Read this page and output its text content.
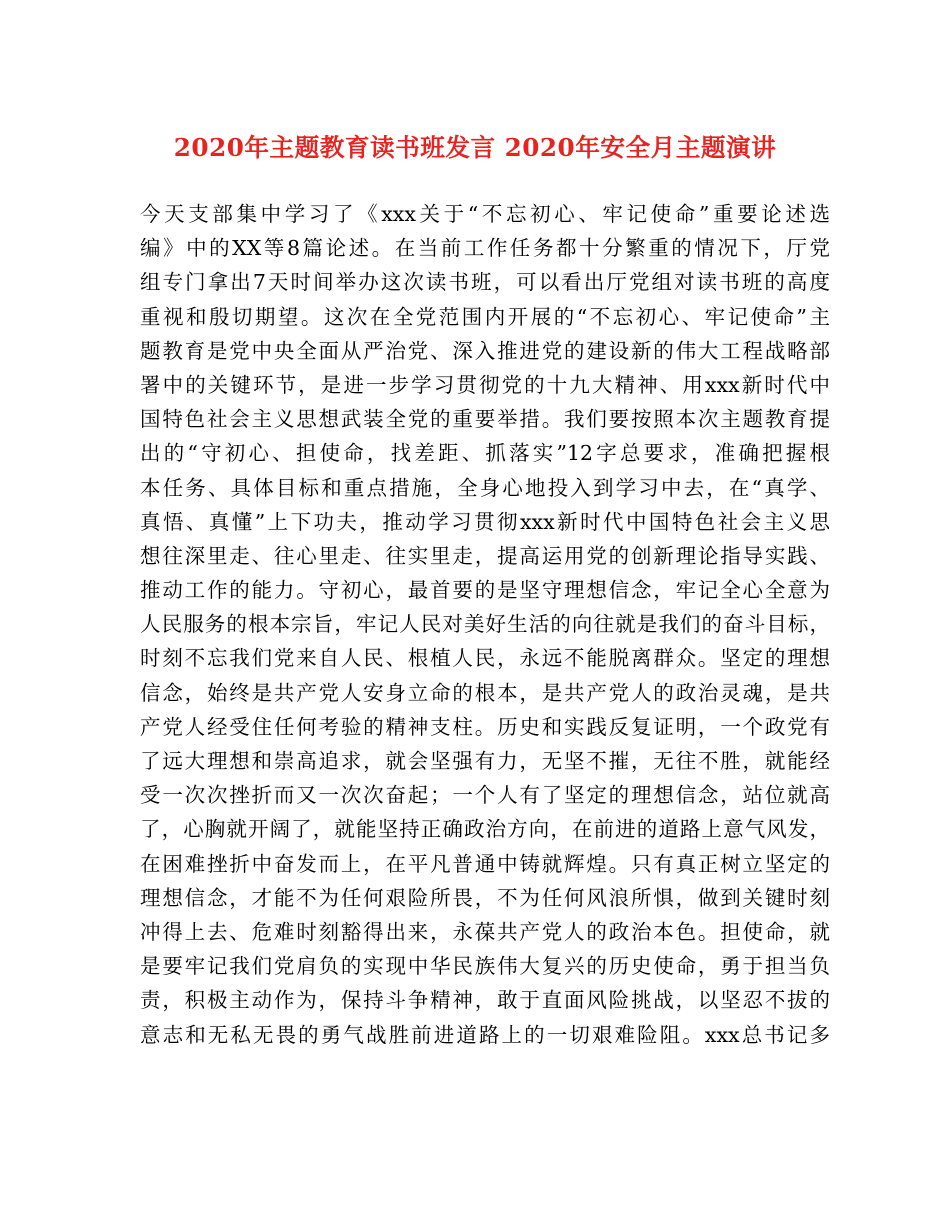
2020年主题教育读书班发言 2020年安全月主题演讲
今天支部集中学习了《xxx关于“不忘初心、牢记使命”重要论述选
编》中的XX等8篇论述。在当前工作任务都十分繁重的情况下，厅党
组专门拿出7天时间举办这次读书班，可以看出厅党组对读书班的高度
重视和殷切期望。这次在全党范围内开展的“不忘初心、牢记使命”主
题教育是党中央全面从严治党、深入推进党的建设新的伟大工程战略部
署中的关键环节，是进一步学习贯彻党的十九大精神、用xxx新时代中
国特色社会主义思想武装全党的重要举措。我们要按照本次主题教育提
出的“守初心、担使命，找差距、抓落实”12字总要求，准确把握根
本任务、具体目标和重点措施，全身心地投入到学习中去，在“真学、
真悟、真懂”上下功夫，推动学习贯彻xxx新时代中国特色社会主义思
想往深里走、往心里走、往实里走，提高运用党的创新理论指导实践、
推动工作的能力。守初心，最首要的是坚守理想信念，牢记全心全意为
人民服务的根本宗旨，牢记人民对美好生活的向往就是我们的奋斗目标，
时刻不忘我们党来自人民、根植人民，永远不能脱离群众。坚定的理想
信念，始终是共产党人安身立命的根本，是共产党人的政治灵魂，是共
产党人经受住任何考验的精神支柱。历史和实践反复证明，一个政党有
了远大理想和崇高追求，就会坚强有力，无坚不摧，无往不胜，就能经
受一次次挫折而又一次次奋起；一个人有了坚定的理想信念，站位就高
了，心胸就开阔了，就能坚持正确政治方向，在前进的道路上意气风发，
在困难挫折中奋发而上，在平凡普通中铸就辉煌。只有真正树立坚定的
理想信念，才能不为任何艰险所畏，不为任何风浪所惧，做到关键时刻
冲得上去、危难时刻豁得出来，永葆共产党人的政治本色。担使命，就
是要牢记我们党肩负的实现中华民族伟大复兴的历史使命，勇于担当负
责，积极主动作为，保持斗争精神，敢于直面风险挑战，以坚忍不拔的
意志和无私无畏的勇气战胜前进道路上的一切艰难险阻。xxx总书记多
